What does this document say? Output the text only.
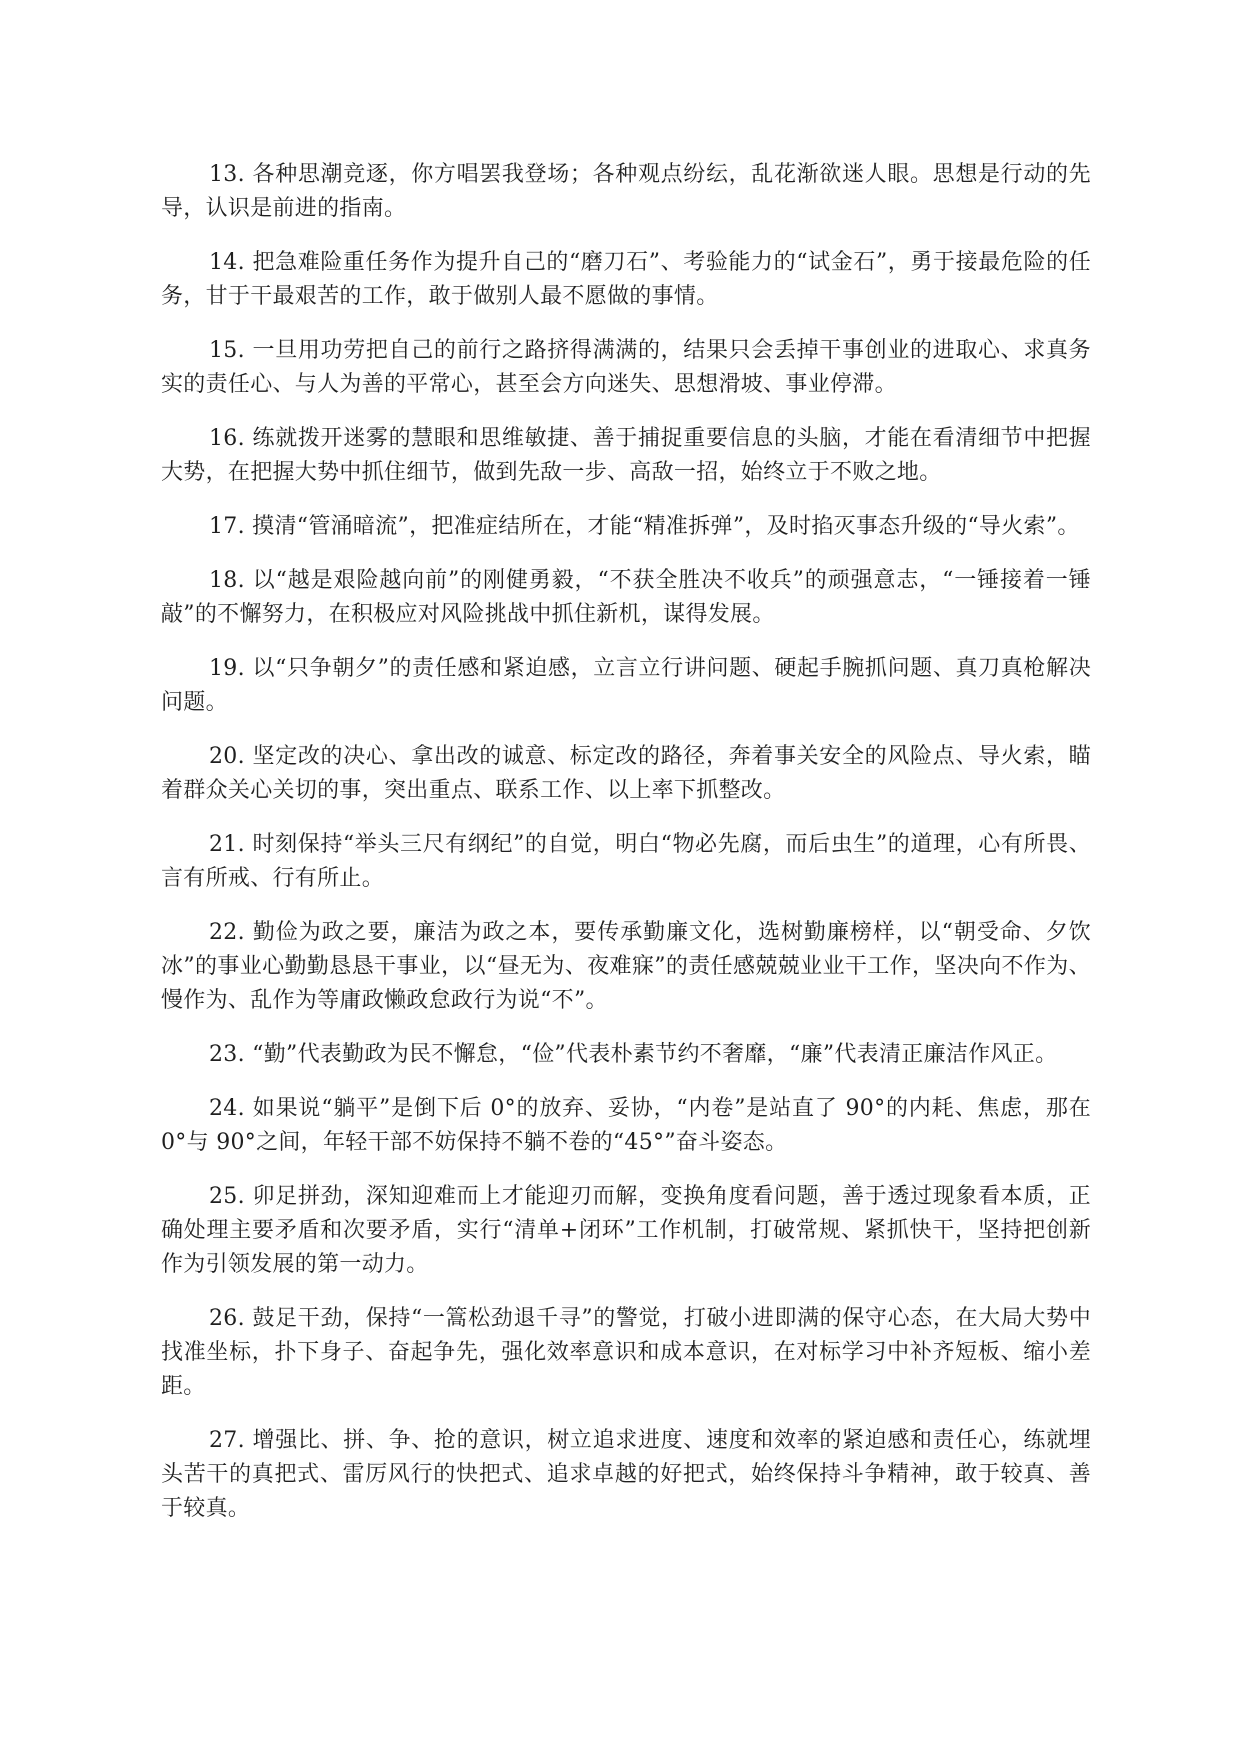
13. 各种思潮竞逐，你方唱罢我登场；各种观点纷纭，乱花渐欲迷人眼。思想是行动的先导，认识是前进的指南。

14. 把急难险重任务作为提升自己的“磨刀石”、考验能力的“试金石”，勇于接最危险的任务，甘于干最艰苦的工作，敢于做别人最不愿做的事情。

15. 一旦用功劳把自己的前行之路挤得满满的，结果只会丢掉干事创业的进取心、求真务实的责任心、与人为善的平常心，甚至会方向迷失、思想滑坡、事业停滞。

16. 练就拨开迷雾的慧眼和思维敏捷、善于捕捉重要信息的头脑，才能在看清细节中把握大势，在把握大势中抓住细节，做到先敌一步、高敌一招，始终立于不败之地。

17. 摸清“管涌暗流”，把准症结所在，才能“精准拆弹”，及时掐灭事态升级的“导火索”。

18. 以“越是艰险越向前”的刚健勇毅，“不获全胜决不收兵”的顽强意志，“一锤接着一锤敲”的不懈努力，在积极应对风险挑战中抓住新机，谋得发展。

19. 以“只争朝夕”的责任感和紧迫感，立言立行讲问题、硬起手腕抓问题、真刀真枪解决问题。

20. 坚定改的决心、拿出改的诚意、标定改的路径，奔着事关安全的风险点、导火索，瞄着群众关心关切的事，突出重点、联系工作、以上率下抓整改。

21. 时刻保持“举头三尺有纲纪”的自觉，明白“物必先腐，而后虫生”的道理，心有所畏、言有所戒、行有所止。

22. 勤俭为政之要，廉洁为政之本，要传承勤廉文化，选树勤廉榜样，以“朝受命、夕饮冰”的事业心勤勤恳恳干事业，以“昼无为、夜难寐”的责任感兢兢业业干工作，坚决向不作为、慢作为、乱作为等庸政懒政怠政行为说“不”。

23. “勤”代表勤政为民不懈怠，“俭”代表朴素节约不奢靡，“廉”代表清正廉洁作风正。

24. 如果说“躺平”是倒下后 0°的放弃、妥协，“内卷”是站直了 90°的内耗、焦虑，那在 0°与 90°之间，年轻干部不妨保持不躺不卷的“45°”奋斗姿态。

25. 卯足拼劲，深知迎难而上才能迎刃而解，变换角度看问题，善于透过现象看本质，正确处理主要矛盾和次要矛盾，实行“清单+闭环”工作机制，打破常规、紧抓快干，坚持把创新作为引领发展的第一动力。

26. 鼓足干劲，保持“一篙松劲退千寻”的警觉，打破小进即满的保守心态，在大局大势中找准坐标，扑下身子、奋起争先，强化效率意识和成本意识，在对标学习中补齐短板、缩小差距。

27. 增强比、拼、争、抢的意识，树立追求进度、速度和效率的紧迫感和责任心，练就埋头苦干的真把式、雷厉风行的快把式、追求卓越的好把式，始终保持斗争精神，敢于较真、善于较真。
